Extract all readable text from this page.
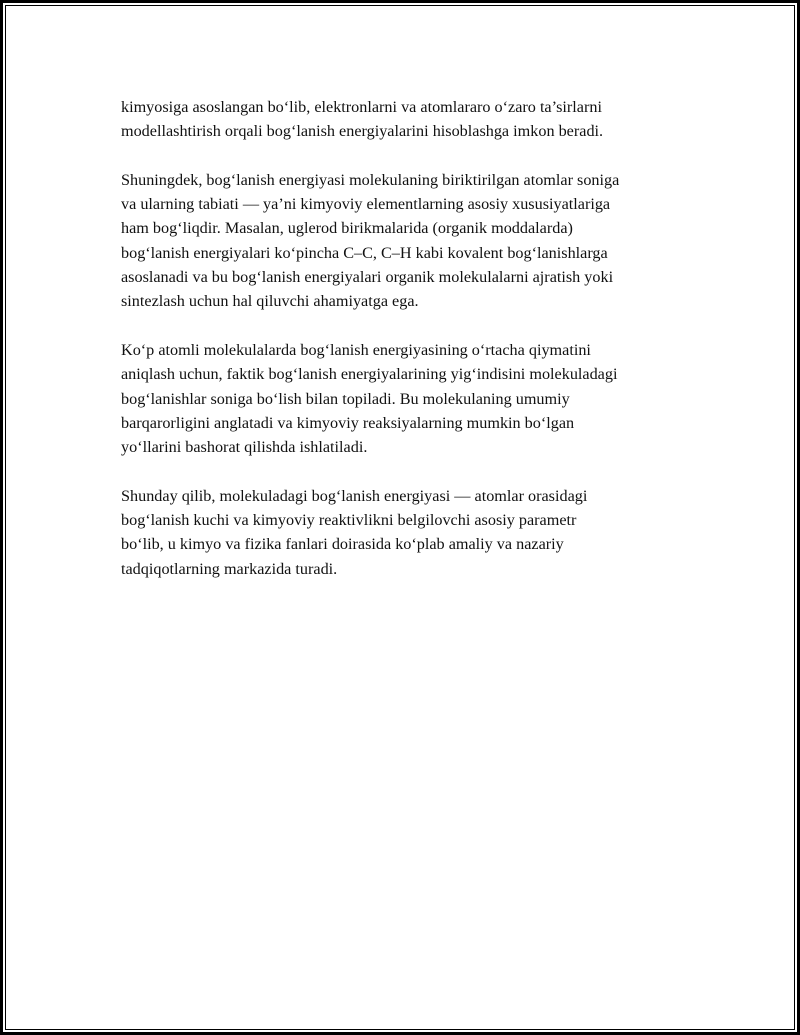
kimyosiga asoslangan bo‘lib, elektronlarni va atomlararo o‘zaro ta’sirlarni
modellashtirish orqali bog‘lanish energiyalarini hisoblashga imkon beradi.

Shuningdek, bog‘lanish energiyasi molekulaning biriktirilgan atomlar soniga
va ularning tabiati — ya’ni kimyoviy elementlarning asosiy xususiyatlariga
ham bog‘liqdir. Masalan, uglerod birikmalarida (organik moddalarda)
bog‘lanish energiyalari ko‘pincha C–C, C–H kabi kovalent bog‘lanishlarga
asoslanadi va bu bog‘lanish energiyalari organik molekulalarni ajratish yoki
sintezlash uchun hal qiluvchi ahamiyatga ega.

Ko‘p atomli molekulalarda bog‘lanish energiyasining o‘rtacha qiymatini
aniqlash uchun, faktik bog‘lanish energiyalarining yig‘indisini molekuladagi
bog‘lanishlar soniga bo‘lish bilan topiladi. Bu molekulaning umumiy
barqarorligini anglatadi va kimyoviy reaksiyalarning mumkin bo‘lgan
yo‘llarini bashorat qilishda ishlatiladi.

Shunday qilib, molekuladagi bog‘lanish energiyasi — atomlar orasidagi
bog‘lanish kuchi va kimyoviy reaktivlikni belgilovchi asosiy parametr
bo‘lib, u kimyo va fizika fanlari doirasida ko‘plab amaliy va nazariy
tadqiqotlarning markazida turadi.
